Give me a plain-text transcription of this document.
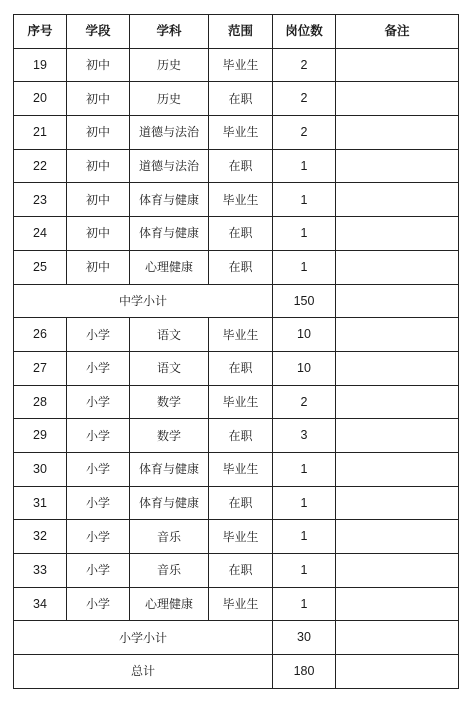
序号	学段	学科	范围	岗位数	备注
19	初中	历史	毕业生	2	
20	初中	历史	在职	2	
21	初中	道德与法治	毕业生	2	
22	初中	道德与法治	在职	1	
23	初中	体育与健康	毕业生	1	
24	初中	体育与健康	在职	1	
25	初中	心理健康	在职	1	
中学小计				150	
26	小学	语文	毕业生	10	
27	小学	语文	在职	10	
28	小学	数学	毕业生	2	
29	小学	数学	在职	3	
30	小学	体育与健康	毕业生	1	
31	小学	体育与健康	在职	1	
32	小学	音乐	毕业生	1	
33	小学	音乐	在职	1	
34	小学	心理健康	毕业生	1	
小学小计				30	
总计				180	
